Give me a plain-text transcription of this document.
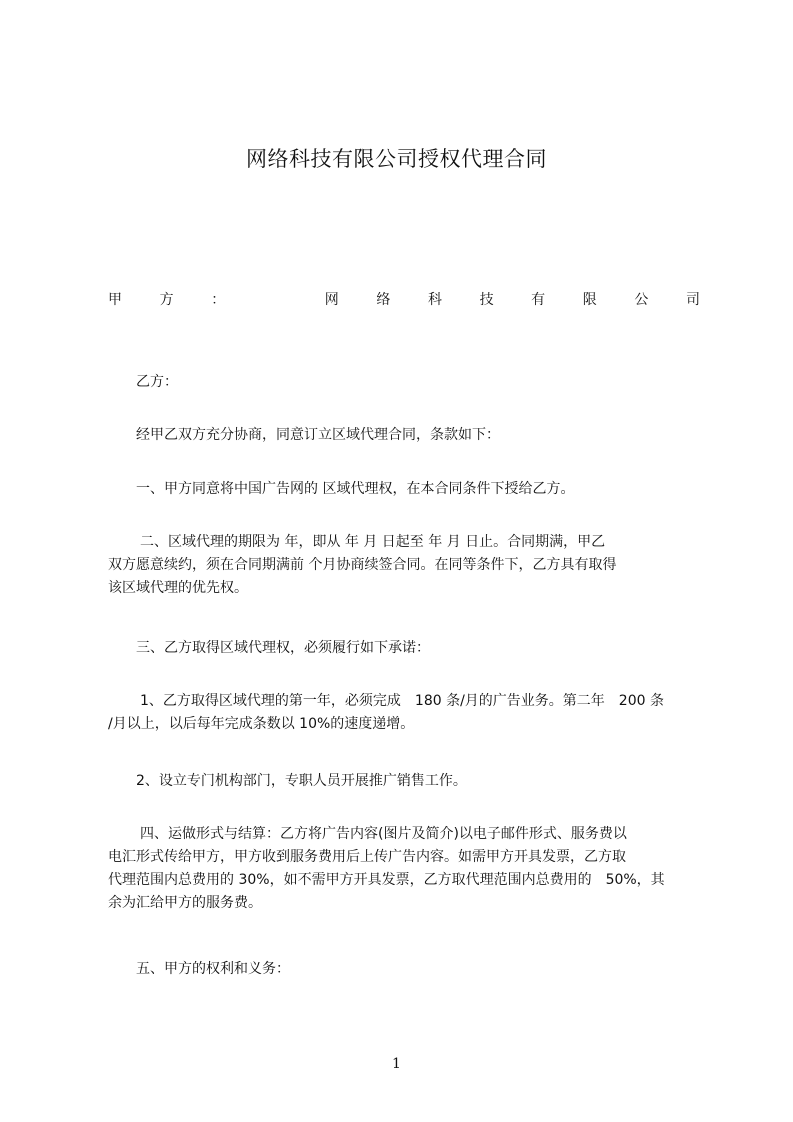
网络科技有限公司授权代理合同
甲	方	：	网	络	科	技	有	限	公	司
乙方：
经甲乙双方充分协商，同意订立区域代理合同，条款如下：
一、甲方同意将中国广告网的 区域代理权，在本合同条件下授给乙方。

二、区域代理的期限为 年，即从 年 月 日起至 年 月 日止。合同期满，甲乙

双方愿意续约，须在合同期满前 个月协商续签合同。在同等条件下，乙方具有取得

该区域代理的优先权。

三、乙方取得区域代理权，必须履行如下承诺：

1、乙方取得区域代理的第一年，必须完成　180 条/月的广告业务。第二年　200 条

/月以上，以后每年完成条数以 10%的速度递增。

2、设立专门机构部门，专职人员开展推广销售工作。

四、运做形式与结算：乙方将广告内容(图片及简介)以电子邮件形式、服务费以

电汇形式传给甲方，甲方收到服务费用后上传广告内容。如需甲方开具发票，乙方取

代理范围内总费用的 30%，如不需甲方开具发票，乙方取代理范围内总费用的　50%，其

余为汇给甲方的服务费。

五、甲方的权利和义务：
1
